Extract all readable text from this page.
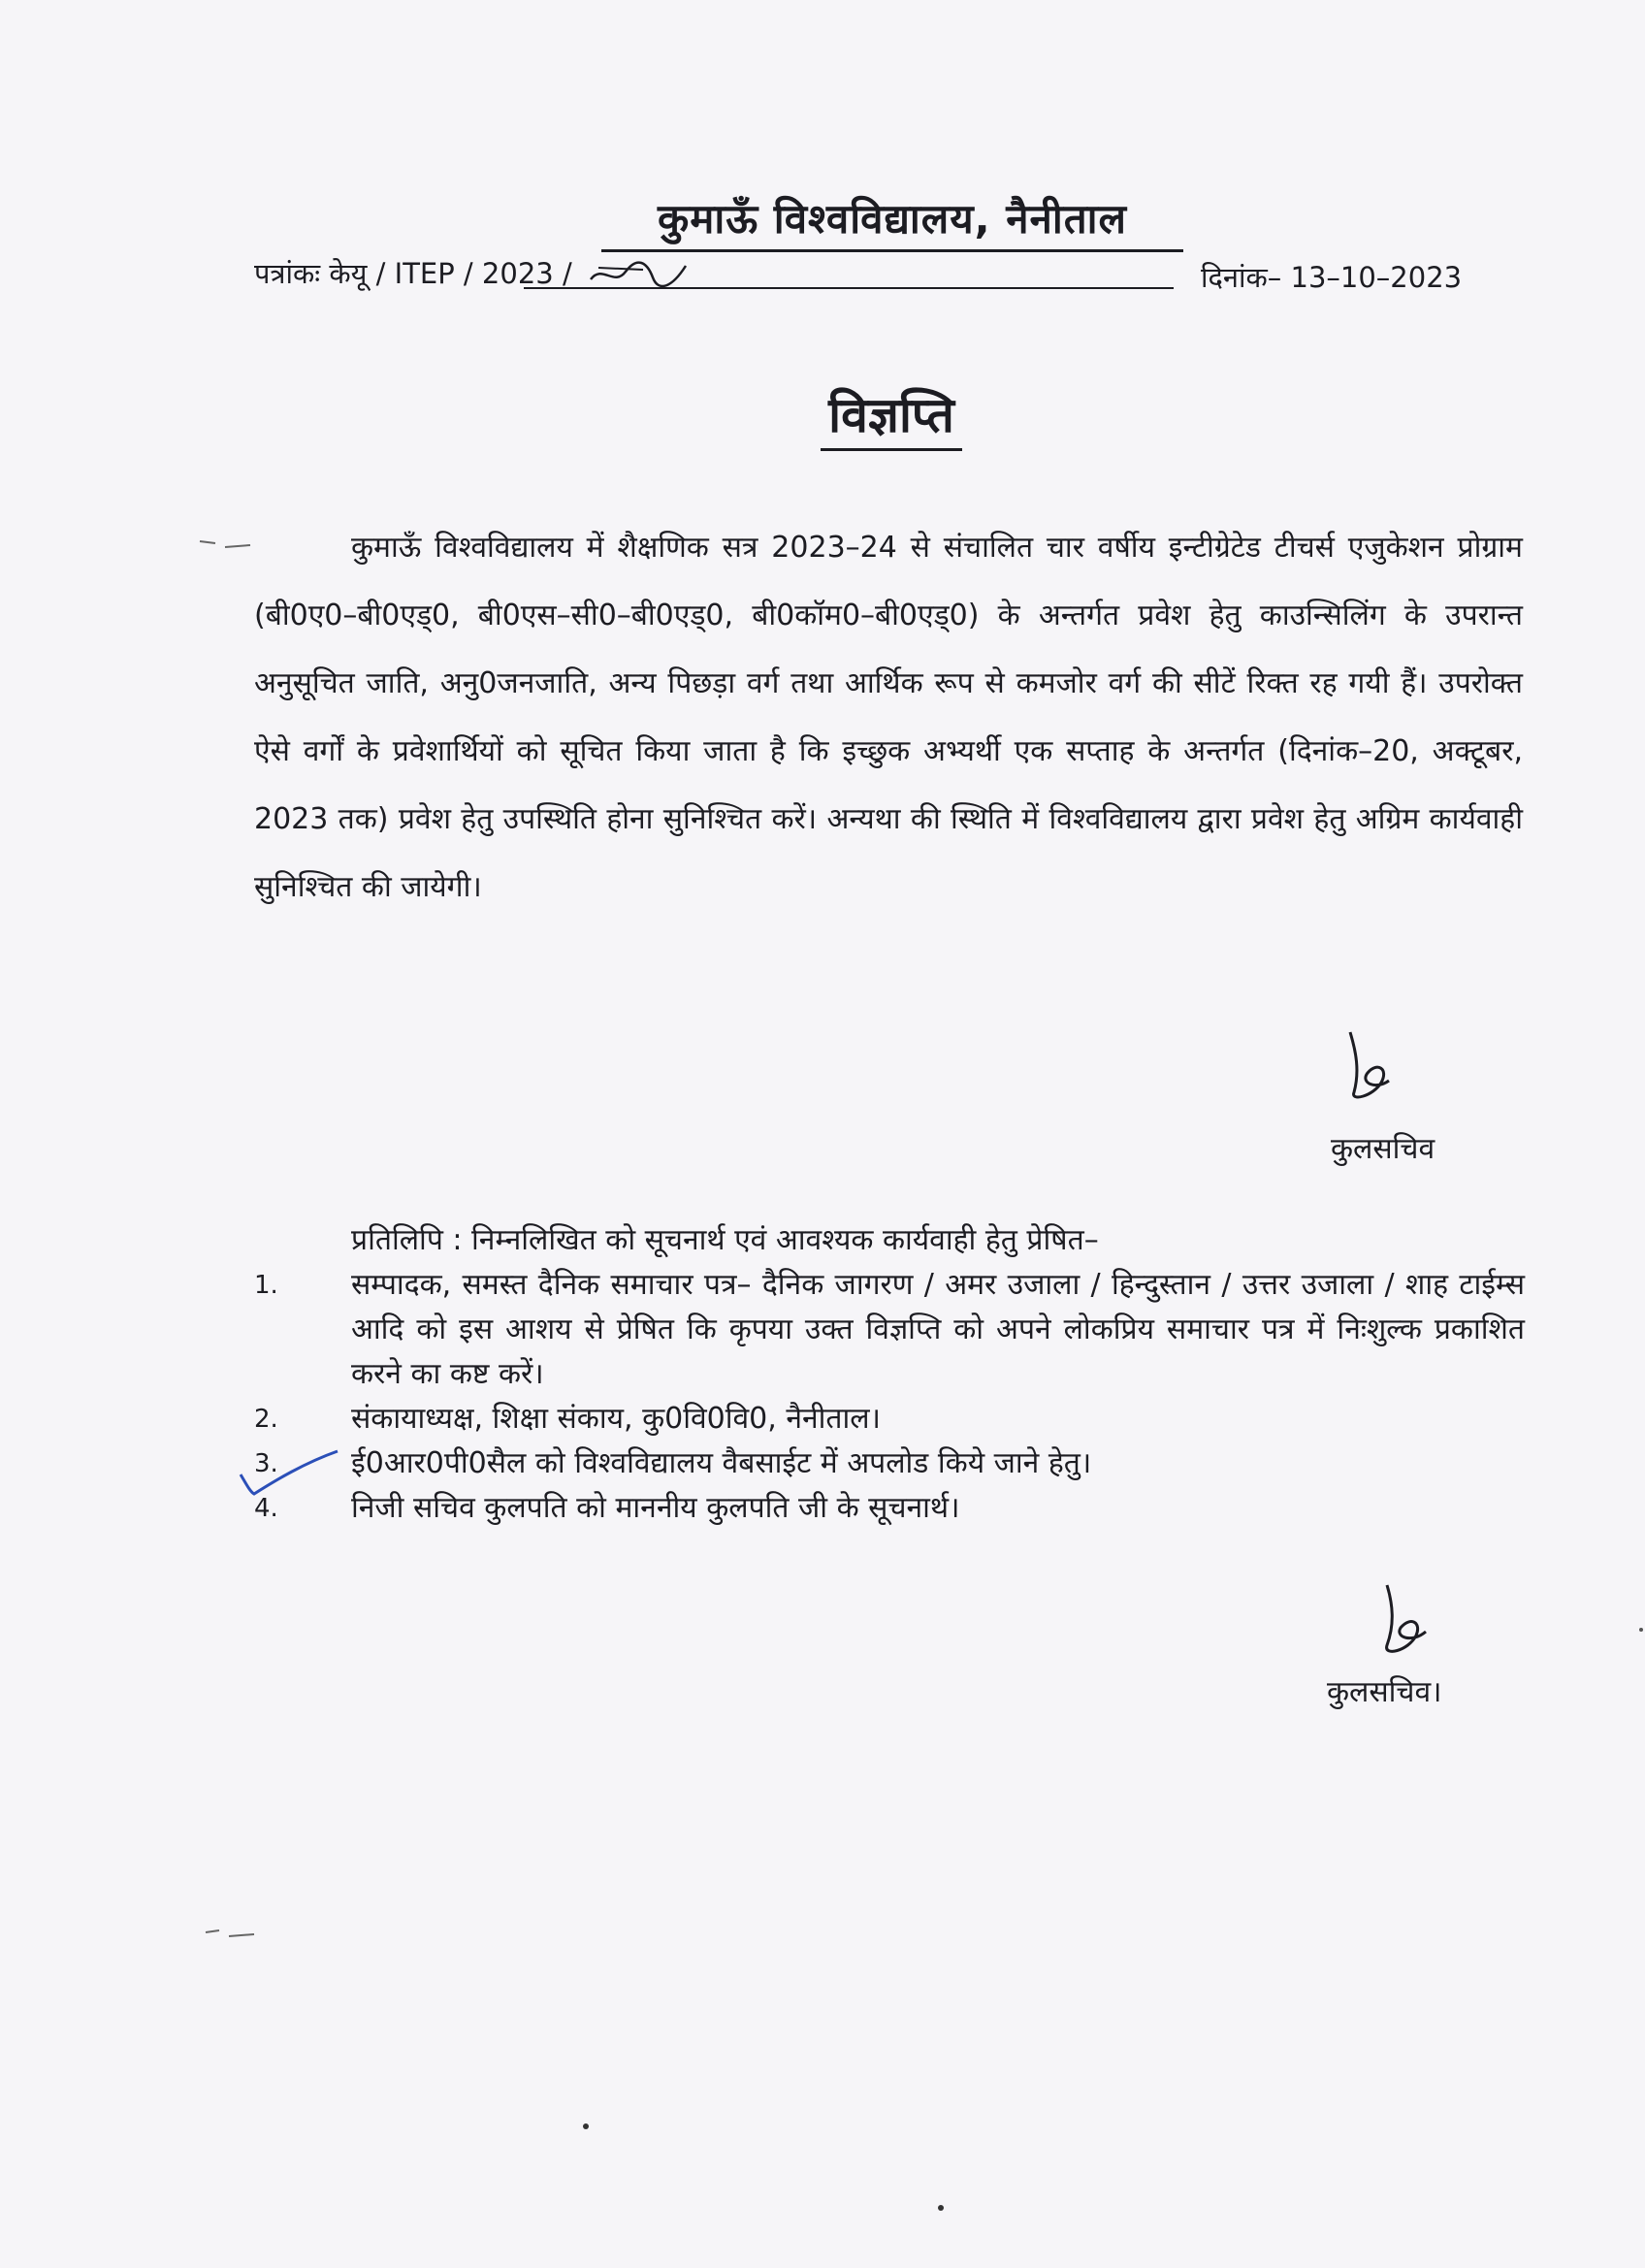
कुमाऊँ विश्वविद्यालय, नैनीताल
पत्रांकः केयू / ITEP / 2023 /	दिनांक– 13–10–2023
विज्ञप्ति
कुमाऊँ विश्वविद्यालय में शैक्षणिक सत्र 2023–24 से संचालित चार वर्षीय इन्टीग्रेटेड टीचर्स एजुकेशन प्रोग्राम (बी0ए0–बी0एड्0, बी0एस–सी0–बी0एड्0, बी0कॉम0–बी0एड्0) के अन्तर्गत प्रवेश हेतु काउन्सिलिंग के उपरान्त अनुसूचित जाति, अनु0जनजाति, अन्य पिछड़ा वर्ग तथा आर्थिक रूप से कमजोर वर्ग की सीटें रिक्त रह गयी हैं। उपरोक्त ऐसे वर्गों के प्रवेशार्थियों को सूचित किया जाता है कि इच्छुक अभ्यर्थी एक सप्ताह के अन्तर्गत (दिनांक–20, अक्टूबर, 2023 तक) प्रवेश हेतु उपस्थिति होना सुनिश्चित करें। अन्यथा की स्थिति में विश्वविद्यालय द्वारा प्रवेश हेतु अग्रिम कार्यवाही सुनिश्चित की जायेगी।
कुलसचिव
प्रतिलिपि : निम्नलिखित को सूचनार्थ एवं आवश्यक कार्यवाही हेतु प्रेषित–
1.	सम्पादक, समस्त दैनिक समाचार पत्र– दैनिक जागरण / अमर उजाला / हिन्दुस्तान / उत्तर उजाला / शाह टाईम्स आदि को इस आशय से प्रेषित कि कृपया उक्त विज्ञप्ति को अपने लोकप्रिय समाचार पत्र में निःशुल्क प्रकाशित करने का कष्ट करें।
2.	संकायाध्यक्ष, शिक्षा संकाय, कु0वि0वि0, नैनीताल।
3.	ई0आर0पी0सैल को विश्वविद्यालय वैबसाईट में अपलोड किये जाने हेतु।
4.	निजी सचिव कुलपति को माननीय कुलपति जी के सूचनार्थ।
कुलसचिव।
